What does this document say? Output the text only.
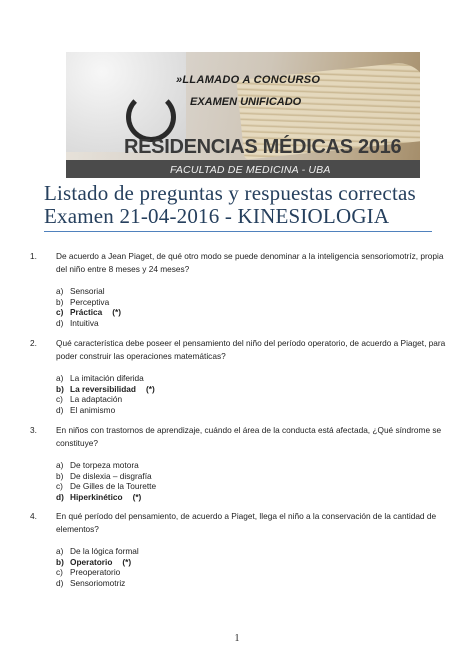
»LLAMADO A CONCURSO
EXAMEN UNIFICADO
RESIDENCIAS MÉDICAS 2016
FACULTAD DE MEDICINA - UBA
Listado de preguntas y respuestas correctas
Examen 21-04-2016 - KINESIOLOGIA
1.	De acuerdo a Jean Piaget, de qué otro modo se puede denominar a la inteligencia sensoriomotríz, propia del niño entre 8 meses y 24 meses?
a) Sensorial
b) Perceptiva
c) Práctica (*)
d) Intuitiva
2.	Qué característica debe poseer el pensamiento del niño del período operatorio, de acuerdo a Piaget, para poder construir las operaciones matemáticas?
a) La imitación diferida
b) La reversibilidad (*)
c) La adaptación
d) El animismo
3.	En niños con trastornos de aprendizaje, cuándo el área de la conducta está afectada, ¿Qué síndrome se constituye?
a) De torpeza motora
b) De dislexia – disgrafía
c) De Gilles de la Tourette
d) Hiperkinético (*)
4.	En qué período del pensamiento, de acuerdo a Piaget, llega el niño a la conservación de la cantidad de elementos?
a) De la lógica formal
b) Operatorio (*)
c) Preoperatorio
d) Sensoriomotriz
1
